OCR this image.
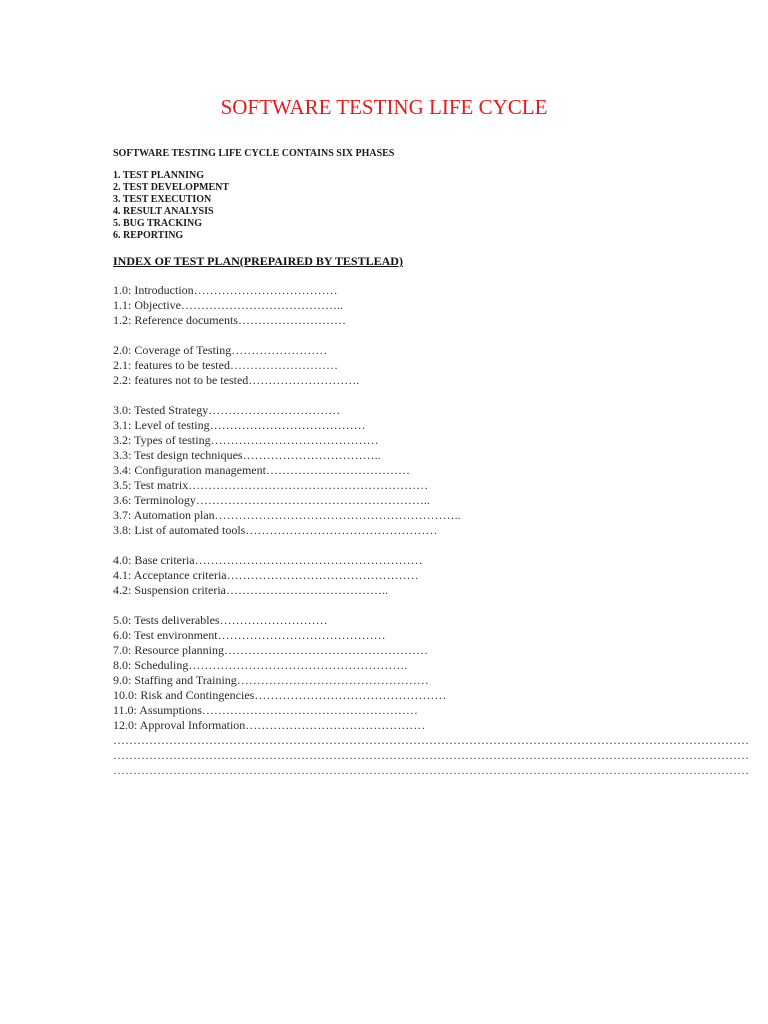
SOFTWARE TESTING LIFE CYCLE
SOFTWARE TESTING LIFE CYCLE CONTAINS SIX PHASES
1. TEST PLANNING
2. TEST DEVELOPMENT
3. TEST EXECUTION
4. RESULT ANALYSIS
5. BUG TRACKING
6. REPORTING
INDEX OF TEST PLAN(PREPAIRED BY TESTLEAD)
1.0: Introduction………………………………
1.1: Objective…………………………………..
1.2: Reference documents………………………
2.0: Coverage of Testing……………………
2.1: features to be tested………………………
2.2: features not to be tested……………………….
3.0: Tested Strategy……………………………
3.1: Level of testing…………………………………
3.2: Types of testing……………………………………
3.3: Test design techniques……………………………..
3.4: Configuration management………………………………
3.5: Test matrix……………………………………………………
3.6: Terminology…………………………………………………..
3.7: Automation plan……………………………………………………..
3.8: List of automated tools…………………………………………
4.0: Base criteria…………………………………………………
4.1: Acceptance criteria…………………………………………
4.2: Suspension criteria…………………………………..
5.0: Tests deliverables………………………
6.0: Test environment……………………………………
7.0: Resource planning……………………………………………
8.0: Scheduling……………………………………………….
9.0: Staffing and Training…………………………………………
10.0: Risk and Contingencies…………………………………………
11.0: Assumptions………………………………………………
12.0: Approval Information………………………………………
……………………………………………………………………………………………………………………………………………
……………………………………………………………………………………………………………………………………………
……………………………………………………………………………………………………………………………………………
